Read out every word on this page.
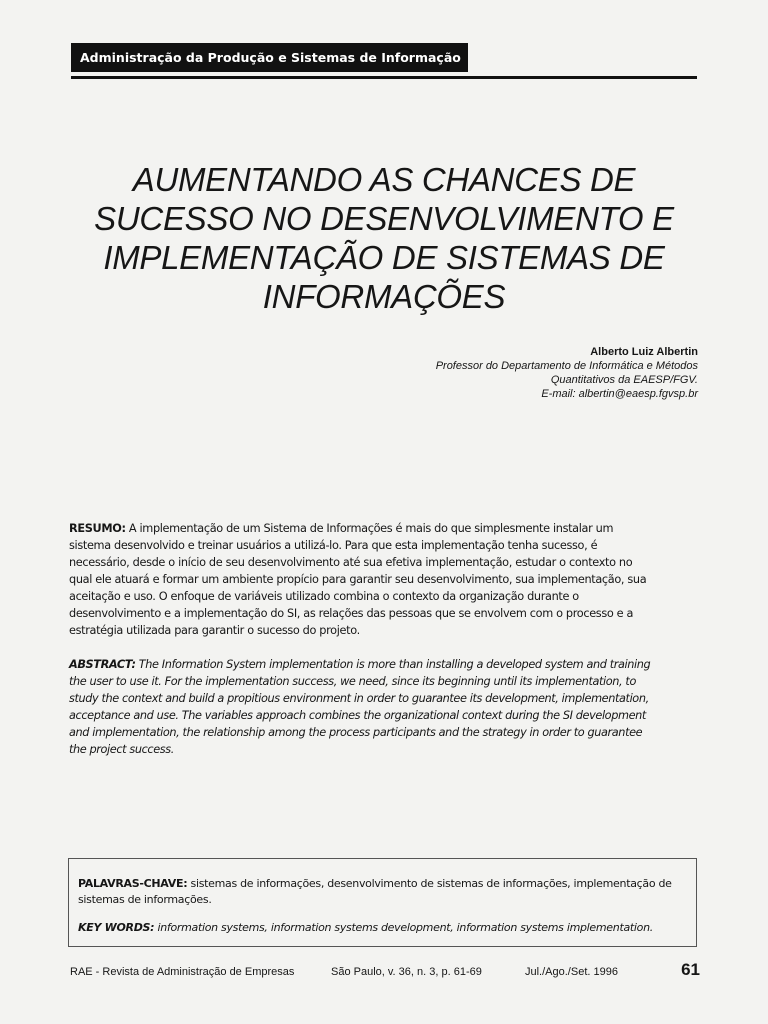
Administração da Produção e Sistemas de Informação
AUMENTANDO AS CHANCES DE
SUCESSO NO DESENVOLVIMENTO E
IMPLEMENTAÇÃO DE SISTEMAS DE
INFORMAÇÕES
Alberto Luiz Albertin
Professor do Departamento de Informática e Métodos
Quantitativos da EAESP/FGV.
E-mail: albertin@eaesp.fgvsp.br
RESUMO: A implementação de um Sistema de Informações é mais do que simplesmente instalar um
sistema desenvolvido e treinar usuários a utilizá-lo. Para que esta implementação tenha sucesso, é
necessário, desde o início de seu desenvolvimento até sua efetiva implementação, estudar o contexto no
qual ele atuará e formar um ambiente propício para garantir seu desenvolvimento, sua implementação, sua
aceitação e uso. O enfoque de variáveis utilizado combina o contexto da organização durante o
desenvolvimento e a implementação do SI, as relações das pessoas que se envolvem com o processo e a
estratégia utilizada para garantir o sucesso do projeto.
ABSTRACT: The Information System implementation is more than installing a developed system and training
the user to use it. For the implementation success, we need, since its beginning until its implementation, to
study the context and build a propitious environment in order to guarantee its development, implementation,
acceptance and use. The variables approach combines the organizational context during the SI development
and implementation, the relationship among the process participants and the strategy in order to guarantee
the project success.
PALAVRAS-CHAVE: sistemas de informações, desenvolvimento de sistemas de informações, implementação de
sistemas de informações.
KEY WORDS: information systems, information systems development, information systems implementation.
RAE - Revista de Administração de Empresas	São Paulo, v. 36, n. 3, p. 61-69	Jul./Ago./Set. 1996	61
